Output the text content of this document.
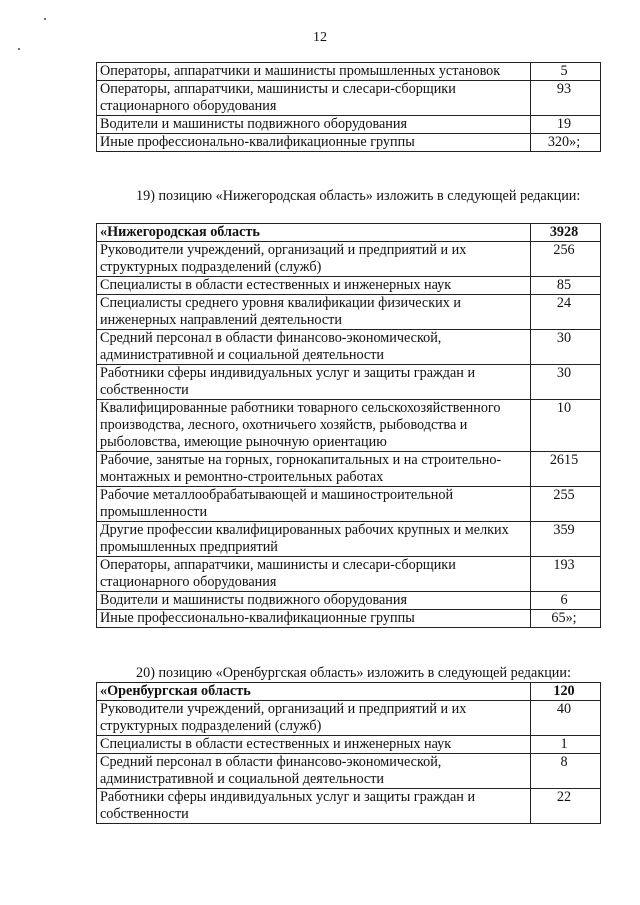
12
Операторы, аппаратчики и машинисты промышленных установок	5
Операторы, аппаратчики, машинисты и слесари-сборщики стационарного оборудования	93
Водители и машинисты подвижного оборудования	19
Иные профессионально-квалификационные группы	320»;
19) позицию «Нижегородская область» изложить в следующей редакции:
«Нижегородская область	3928
Руководители учреждений, организаций и предприятий и их структурных подразделений (служб)	256
Специалисты в области естественных и инженерных наук	85
Специалисты среднего уровня квалификации физических и инженерных направлений деятельности	24
Средний персонал в области финансово-экономической, административной и социальной деятельности	30
Работники сферы индивидуальных услуг и защиты граждан и собственности	30
Квалифицированные работники товарного сельскохозяйственного производства, лесного, охотничьего хозяйств, рыбоводства и рыболовства, имеющие рыночную ориентацию	10
Рабочие, занятые на горных, горнокапитальных и на строительно-монтажных и ремонтно-строительных работах	2615
Рабочие металлообрабатывающей и машиностроительной промышленности	255
Другие профессии квалифицированных рабочих крупных и мелких промышленных предприятий	359
Операторы, аппаратчики, машинисты и слесари-сборщики стационарного оборудования	193
Водители и машинисты подвижного оборудования	6
Иные профессионально-квалификационные группы	65»;
20) позицию «Оренбургская область» изложить в следующей редакции:
«Оренбургская область	120
Руководители учреждений, организаций и предприятий и их структурных подразделений (служб)	40
Специалисты в области естественных и инженерных наук	1
Средний персонал в области финансово-экономической, административной и социальной деятельности	8
Работники сферы индивидуальных услуг и защиты граждан и собственности	22
